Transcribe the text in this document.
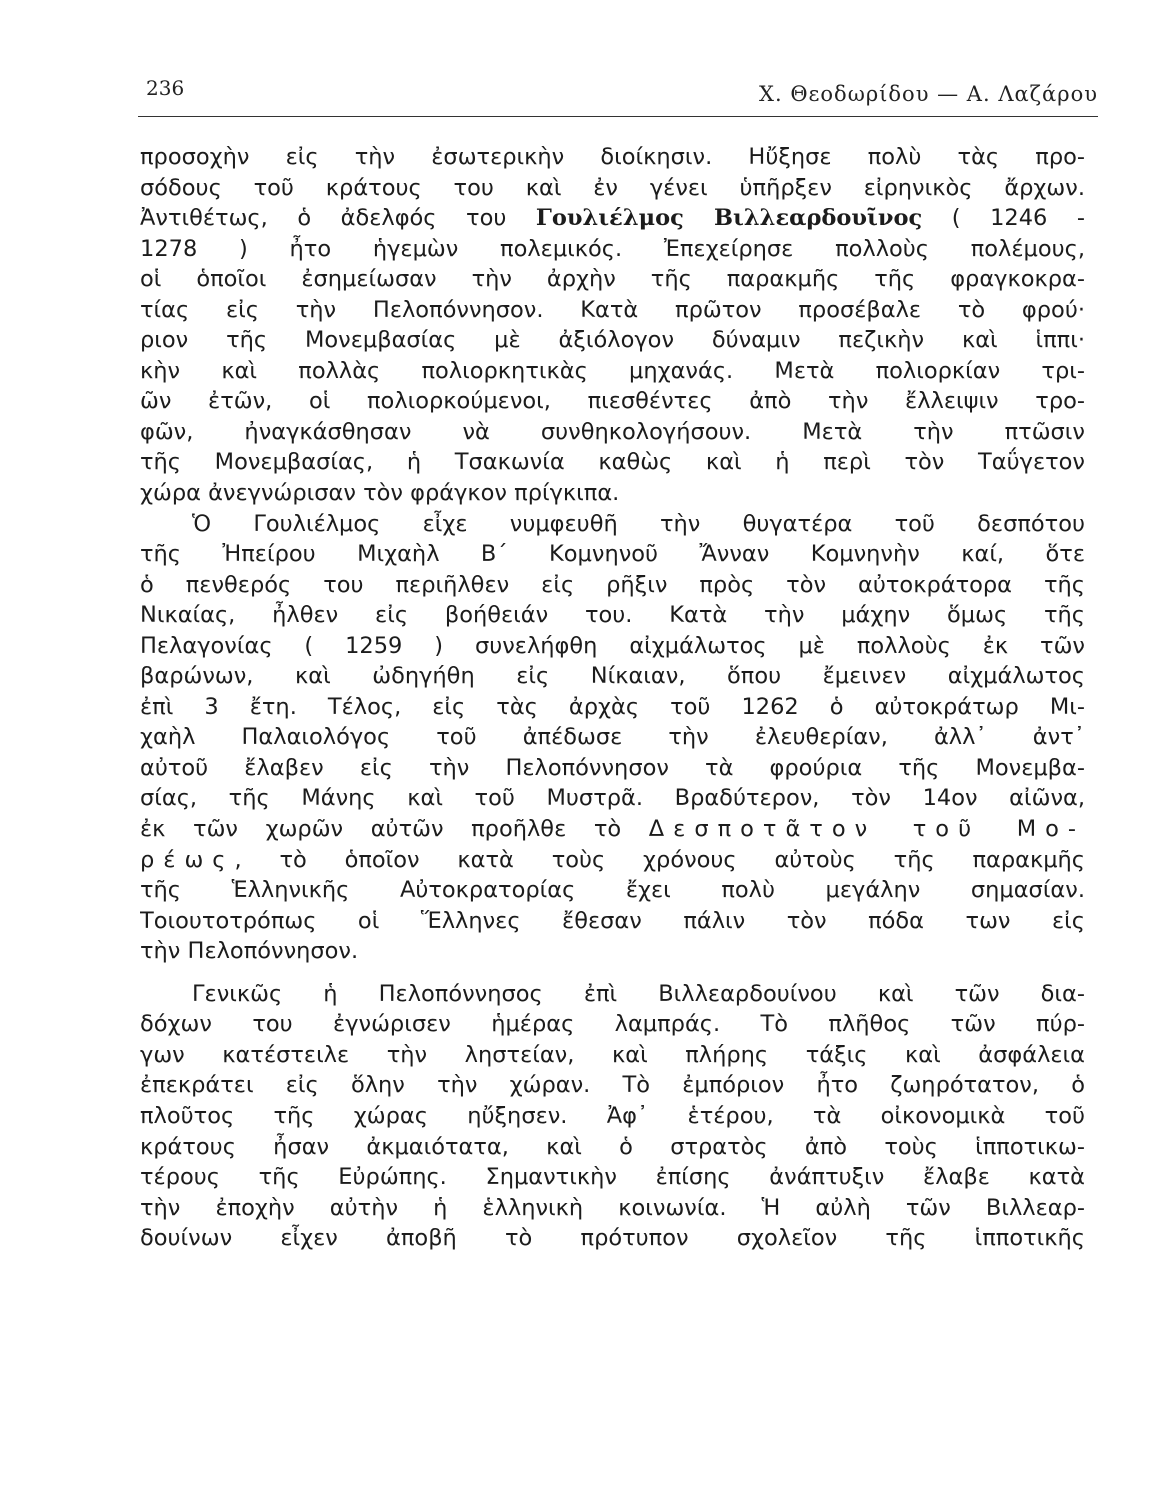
236	Χ. Θεοδωρίδου — Α. Λαζάρου
προσοχὴν εἰς τὴν ἐσωτερικὴν διοίκησιν. Ηὔξησε πολὺ τὰς προ-
σόδους τοῦ κράτους του καὶ ἐν γένει ὑπῆρξεν εἰρηνικὸς ἄρχων.
Ἀντιθέτως, ὁ ἀδελφός του Γουλιέλμος Βιλλεαρδουῖνος ( 1246 -
1278 ) ἦτο ἡγεμὼν πολεμικός. Ἐπεχείρησε πολλοὺς πολέμους,
οἱ ὁποῖοι ἐσημείωσαν τὴν ἀρχὴν τῆς παρακμῆς τῆς φραγκοκρα-
τίας εἰς τὴν Πελοπόννησον. Κατὰ πρῶτον προσέβαλε τὸ φρού·
ριον τῆς Μονεμβασίας μὲ ἀξιόλογον δύναμιν πεζικὴν καὶ ἱππι·
κὴν καὶ πολλὰς πολιορκητικὰς μηχανάς. Μετὰ πολιορκίαν τρι-
ῶν ἐτῶν, οἱ πολιορκούμενοι, πιεσθέντες ἀπὸ τὴν ἔλλειψιν τρο-
φῶν, ἠναγκάσθησαν νὰ συνθηκολογήσουν. Μετὰ τὴν πτῶσιν
τῆς Μονεμβασίας, ἡ Τσακωνία καθὼς καὶ ἡ περὶ τὸν Ταΰγετον
χώρα ἀνεγνώρισαν τὸν φράγκον πρίγκιπα.
Ὁ Γουλιέλμος εἶχε νυμφευθῆ τὴν θυγατέρα τοῦ δεσπότου
τῆς Ἠπείρου Μιχαὴλ Β΄ Κομνηνοῦ Ἄνναν Κομνηνὴν καί, ὅτε
ὁ πενθερός του περιῆλθεν εἰς ρῆξιν πρὸς τὸν αὐτοκράτορα τῆς
Νικαίας, ἦλθεν εἰς βοήθειάν του. Κατὰ τὴν μάχην ὅμως τῆς
Πελαγονίας ( 1259 ) συνελήφθη αἰχμάλωτος μὲ πολλοὺς ἐκ τῶν
βαρώνων, καὶ ὠδηγήθη εἰς Νίκαιαν, ὅπου ἔμεινεν αἰχμάλωτος
ἐπὶ 3 ἔτη. Τέλος, εἰς τὰς ἀρχὰς τοῦ 1262 ὁ αὐτοκράτωρ Μι-
χαὴλ Παλαιολόγος τοῦ ἀπέδωσε τὴν ἐλευθερίαν, ἀλλ᾽ ἀντ᾽
αὐτοῦ ἔλαβεν εἰς τὴν Πελοπόννησον τὰ φρούρια τῆς Μονεμβα-
σίας, τῆς Μάνης καὶ τοῦ Μυστρᾶ. Βραδύτερον, τὸν 14ον αἰῶνα,
ἐκ τῶν χωρῶν αὐτῶν προῆλθε τὸ Δεσποτᾶτον τοῦ Μο-
ρέως, τὸ ὁποῖον κατὰ τοὺς χρόνους αὐτοὺς τῆς παρακμῆς
τῆς Ἑλληνικῆς Αὐτοκρατορίας ἔχει πολὺ μεγάλην σημασίαν.
Τοιουτοτρόπως οἱ Ἕλληνες ἔθεσαν πάλιν τὸν πόδα των εἰς
τὴν Πελοπόννησον.
Γενικῶς ἡ Πελοπόννησος ἐπὶ Βιλλεαρδουίνου καὶ τῶν δια-
δόχων του ἐγνώρισεν ἡμέρας λαμπράς. Τὸ πλῆθος τῶν πύρ-
γων κατέστειλε τὴν ληστείαν, καὶ πλήρης τάξις καὶ ἀσφάλεια
ἐπεκράτει εἰς ὅλην τὴν χώραν. Τὸ ἐμπόριον ἦτο ζωηρότατον, ὁ
πλοῦτος τῆς χώρας ηὔξησεν. Ἀφ᾽ ἑτέρου, τὰ οἰκονομικὰ τοῦ
κράτους ἦσαν ἀκμαιότατα, καὶ ὁ στρατὸς ἀπὸ τοὺς ἱπποτικω-
τέρους τῆς Εὐρώπης. Σημαντικὴν ἐπίσης ἀνάπτυξιν ἔλαβε κατὰ
τὴν ἐποχὴν αὐτὴν ἡ ἑλληνικὴ κοινωνία. Ἡ αὐλὴ τῶν Βιλλεαρ-
δουίνων εἶχεν ἀποβῆ τὸ πρότυπον σχολεῖον τῆς ἱπποτικῆς
